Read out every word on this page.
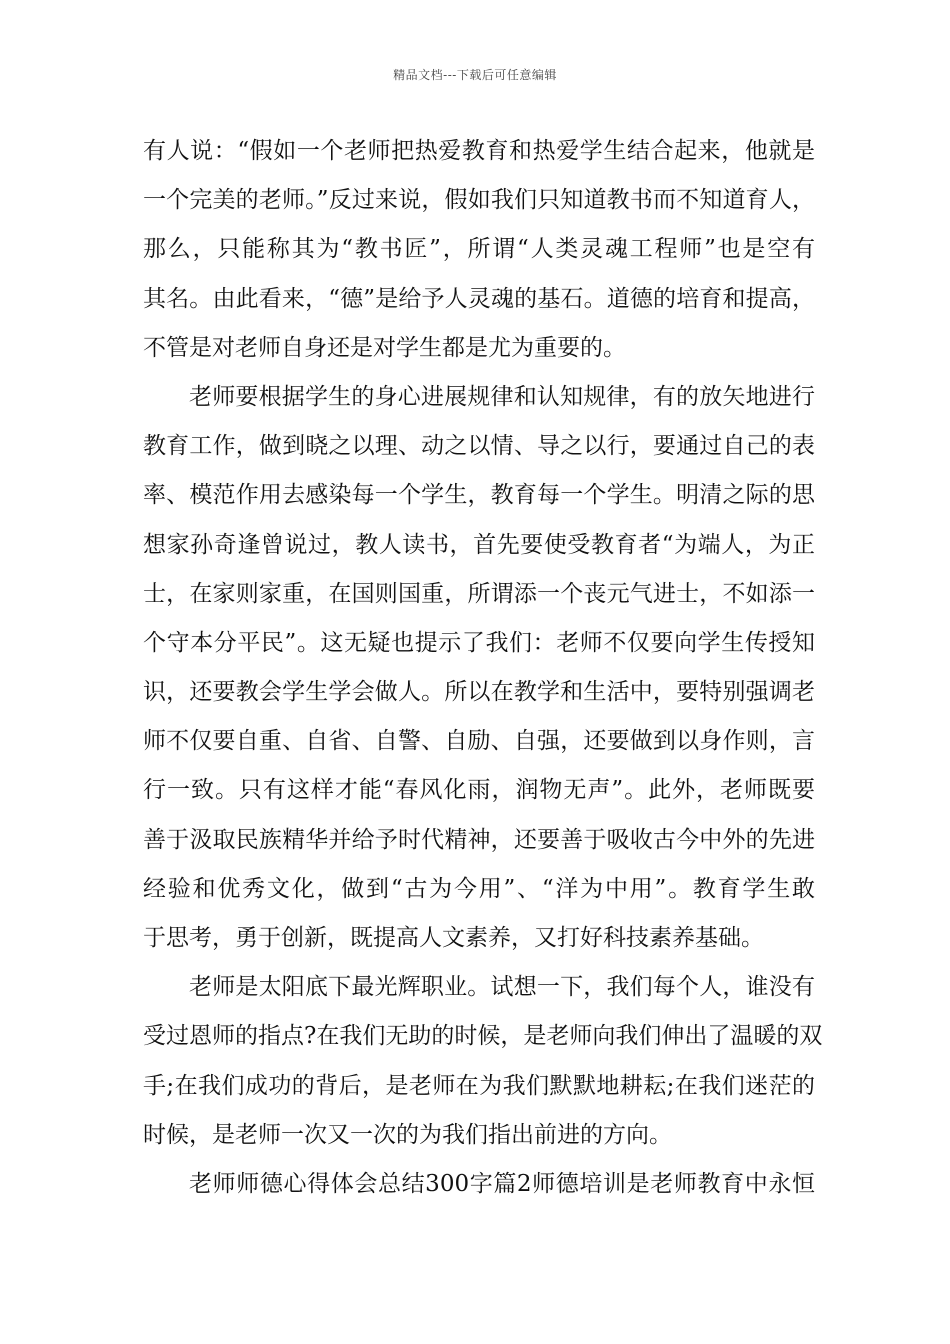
精品文档---下载后可任意编辑
有人说：“假如一个老师把热爱教育和热爱学生结合起来，他就是
一个完美的老师。”反过来说，假如我们只知道教书而不知道育人，
那么，只能称其为“教书匠”，所谓“人类灵魂工程师”也是空有
其名。由此看来，“德”是给予人灵魂的基石。道德的培育和提高，
不管是对老师自身还是对学生都是尤为重要的。
老师要根据学生的身心进展规律和认知规律，有的放矢地进行
教育工作，做到晓之以理、动之以情、导之以行，要通过自己的表
率、模范作用去感染每一个学生，教育每一个学生。明清之际的思
想家孙奇逢曾说过，教人读书，首先要使受教育者“为端人，为正
士，在家则家重，在国则国重，所谓添一个丧元气进士，不如添一
个守本分平民”。这无疑也提示了我们：老师不仅要向学生传授知
识，还要教会学生学会做人。所以在教学和生活中，要特别强调老
师不仅要自重、自省、自警、自励、自强，还要做到以身作则，言
行一致。只有这样才能“春风化雨，润物无声”。此外，老师既要
善于汲取民族精华并给予时代精神，还要善于吸收古今中外的先进
经验和优秀文化，做到“古为今用”、“洋为中用”。教育学生敢
于思考，勇于创新，既提高人文素养，又打好科技素养基础。
老师是太阳底下最光辉职业。试想一下，我们每个人，谁没有
受过恩师的指点?在我们无助的时候，是老师向我们伸出了温暖的双
手;在我们成功的背后，是老师在为我们默默地耕耘;在我们迷茫的
时候，是老师一次又一次的为我们指出前进的方向。
老师师德心得体会总结300字篇2师德培训是老师教育中永恒
